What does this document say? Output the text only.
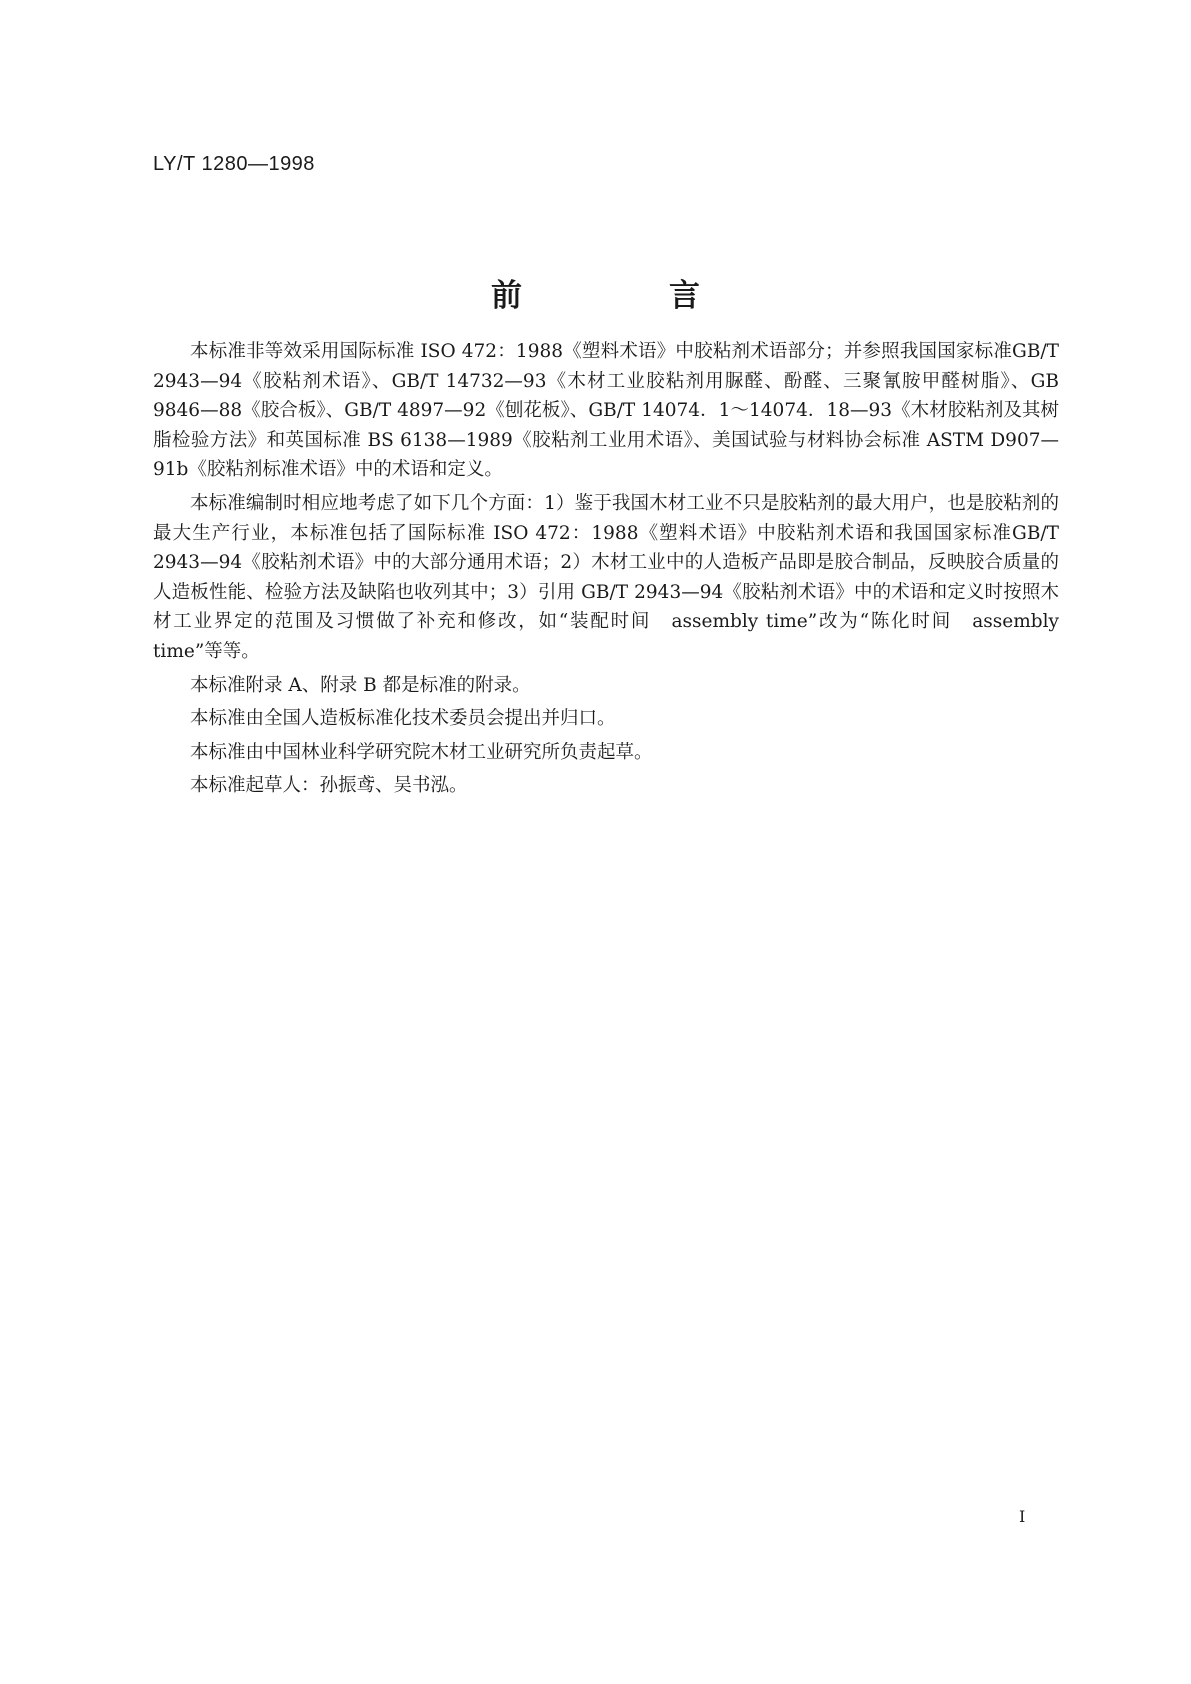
LY/T 1280—1998
前　言

本标准非等效采用国际标准 ISO 472：1988《塑料术语》中胶粘剂术语部分；并参照我国国家标准GB/T 2943—94《胶粘剂术语》、GB/T 14732—93《木材工业胶粘剂用脲醛、酚醛、三聚氰胺甲醛树脂》、GB 9846—88《胶合板》、GB/T 4897—92《刨花板》、GB/T 14074．1～14074．18—93《木材胶粘剂及其树脂检验方法》和英国标准 BS 6138—1989《胶粘剂工业用术语》、美国试验与材料协会标准 ASTM D907—91b《胶粘剂标准术语》中的术语和定义。

本标准编制时相应地考虑了如下几个方面：1）鉴于我国木材工业不只是胶粘剂的最大用户，也是胶粘剂的最大生产行业，本标准包括了国际标准 ISO 472：1988《塑料术语》中胶粘剂术语和我国国家标准GB/T 2943—94《胶粘剂术语》中的大部分通用术语；2）木材工业中的人造板产品即是胶合制品，反映胶合质量的人造板性能、检验方法及缺陷也收列其中；3）引用 GB/T 2943—94《胶粘剂术语》中的术语和定义时按照木材工业界定的范围及习惯做了补充和修改，如“装配时间　assembly time”改为“陈化时间　assembly time”等等。

本标准附录 A、附录 B 都是标准的附录。

本标准由全国人造板标准化技术委员会提出并归口。

本标准由中国林业科学研究院木材工业研究所负责起草。

本标准起草人：孙振鸢、吴书泓。

I
